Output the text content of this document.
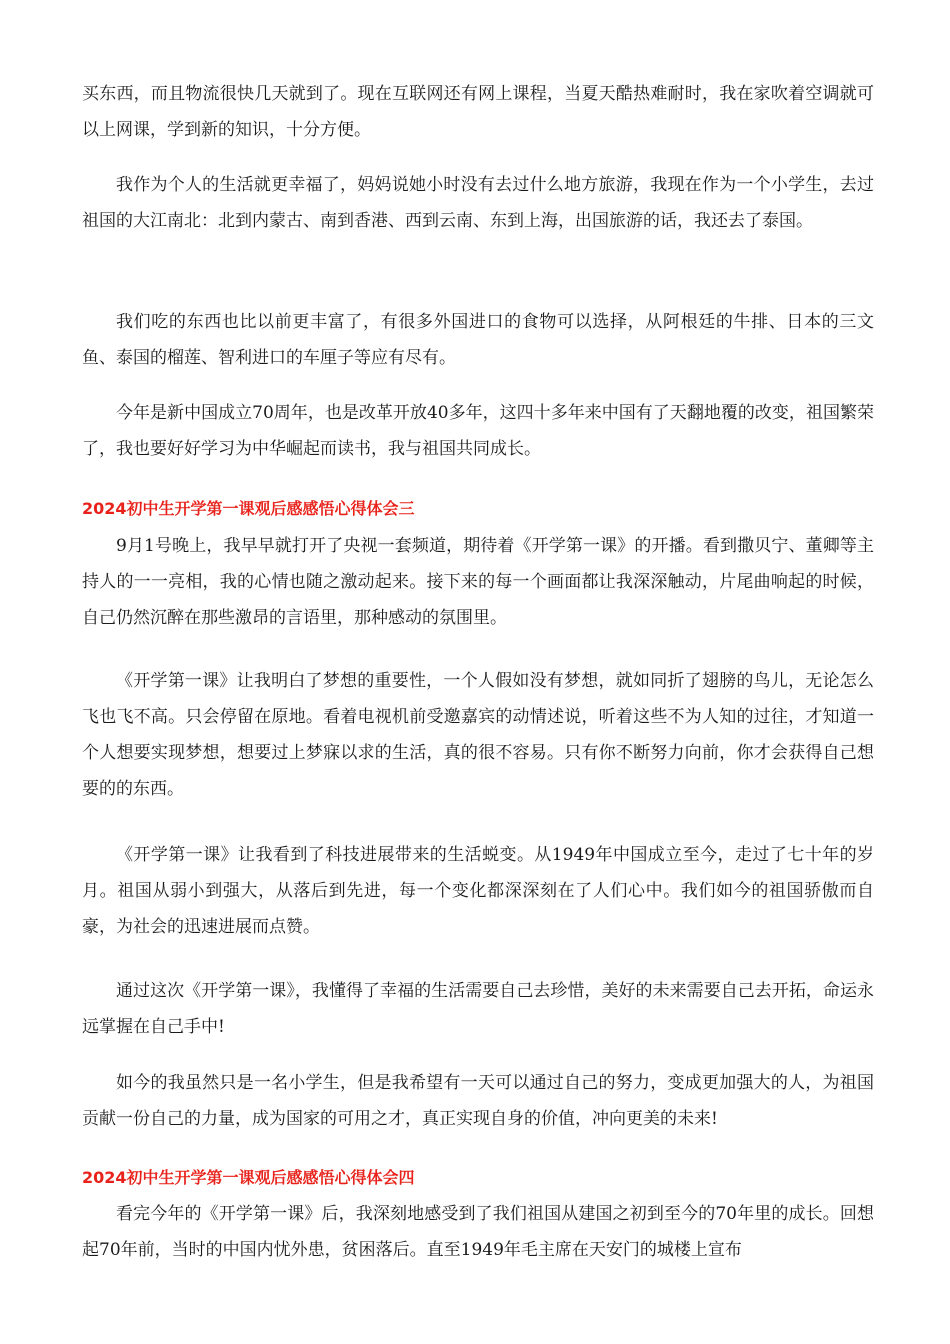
买东西，而且物流很快几天就到了。现在互联网还有网上课程，当夏天酷热难耐时，我在家吹着空调就可以上网课，学到新的知识，十分方便。

我作为个人的生活就更幸福了，妈妈说她小时没有去过什么地方旅游，我现在作为一个小学生，去过祖国的大江南北：北到内蒙古、南到香港、西到云南、东到上海，出国旅游的话，我还去了泰国。

我们吃的东西也比以前更丰富了，有很多外国进口的食物可以选择，从阿根廷的牛排、日本的三文鱼、泰国的榴莲、智利进口的车厘子等应有尽有。

今年是新中国成立70周年，也是改革开放40多年，这四十多年来中国有了天翻地覆的改变，祖国繁荣了，我也要好好学习为中华崛起而读书，我与祖国共同成长。

2024初中生开学第一课观后感感悟心得体会三

9月1号晚上，我早早就打开了央视一套频道，期待着《开学第一课》的开播。看到撒贝宁、董卿等主持人的一一亮相，我的心情也随之激动起来。接下来的每一个画面都让我深深触动，片尾曲响起的时候，自己仍然沉醉在那些激昂的言语里，那种感动的氛围里。

《开学第一课》让我明白了梦想的重要性，一个人假如没有梦想，就如同折了翅膀的鸟儿，无论怎么飞也飞不高。只会停留在原地。看着电视机前受邀嘉宾的动情述说，听着这些不为人知的过往，才知道一个人想要实现梦想，想要过上梦寐以求的生活，真的很不容易。只有你不断努力向前，你才会获得自己想要的的东西。

《开学第一课》让我看到了科技进展带来的生活蜕变。从1949年中国成立至今，走过了七十年的岁月。祖国从弱小到强大，从落后到先进，每一个变化都深深刻在了人们心中。我们如今的祖国骄傲而自豪，为社会的迅速进展而点赞。

通过这次《开学第一课》，我懂得了幸福的生活需要自己去珍惜，美好的未来需要自己去开拓，命运永远掌握在自己手中!

如今的我虽然只是一名小学生，但是我希望有一天可以通过自己的努力，变成更加强大的人，为祖国贡献一份自己的力量，成为国家的可用之才，真正实现自身的价值，冲向更美的未来!

2024初中生开学第一课观后感感悟心得体会四

看完今年的《开学第一课》后，我深刻地感受到了我们祖国从建国之初到至今的70年里的成长。回想起70年前，当时的中国内忧外患，贫困落后。直至1949年毛主席在天安门的城楼上宣布
